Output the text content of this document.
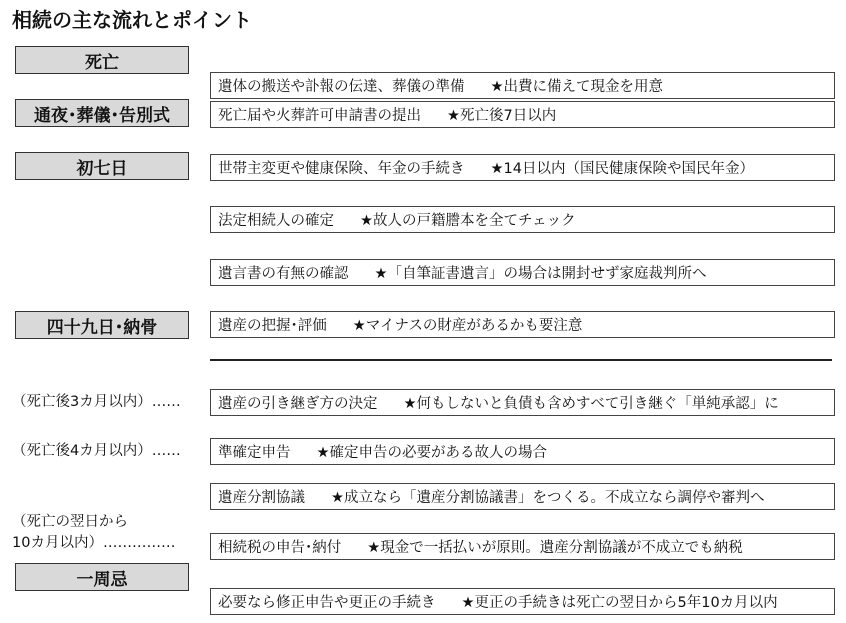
相続の主な流れとポイント
死亡
通夜･葬儀･告別式
初七日
四十九日･納骨
一周忌
遺体の搬送や訃報の伝達、葬儀の準備 ★出費に備えて現金を用意
死亡届や火葬許可申請書の提出 ★死亡後7日以内
世帯主変更や健康保険、年金の手続き ★14日以内（国民健康保険や国民年金）
法定相続人の確定 ★故人の戸籍謄本を全てチェック
遺言書の有無の確認 ★「自筆証書遺言」の場合は開封せず家庭裁判所へ
遺産の把握･評価 ★マイナスの財産があるかも要注意
遺産の引き継ぎ方の決定 ★何もしないと負債も含めすべて引き継ぐ「単純承認」に
準確定申告 ★確定申告の必要がある故人の場合
遺産分割協議 ★成立なら「遺産分割協議書」をつくる。不成立なら調停や審判へ
相続税の申告･納付 ★現金で一括払いが原則。遺産分割協議が不成立でも納税
必要なら修正申告や更正の手続き ★更正の手続きは死亡の翌日から5年10カ月以内
（死亡後3カ月以内）……
（死亡後4カ月以内）……
（死亡の翌日から
10カ月以内）……………
